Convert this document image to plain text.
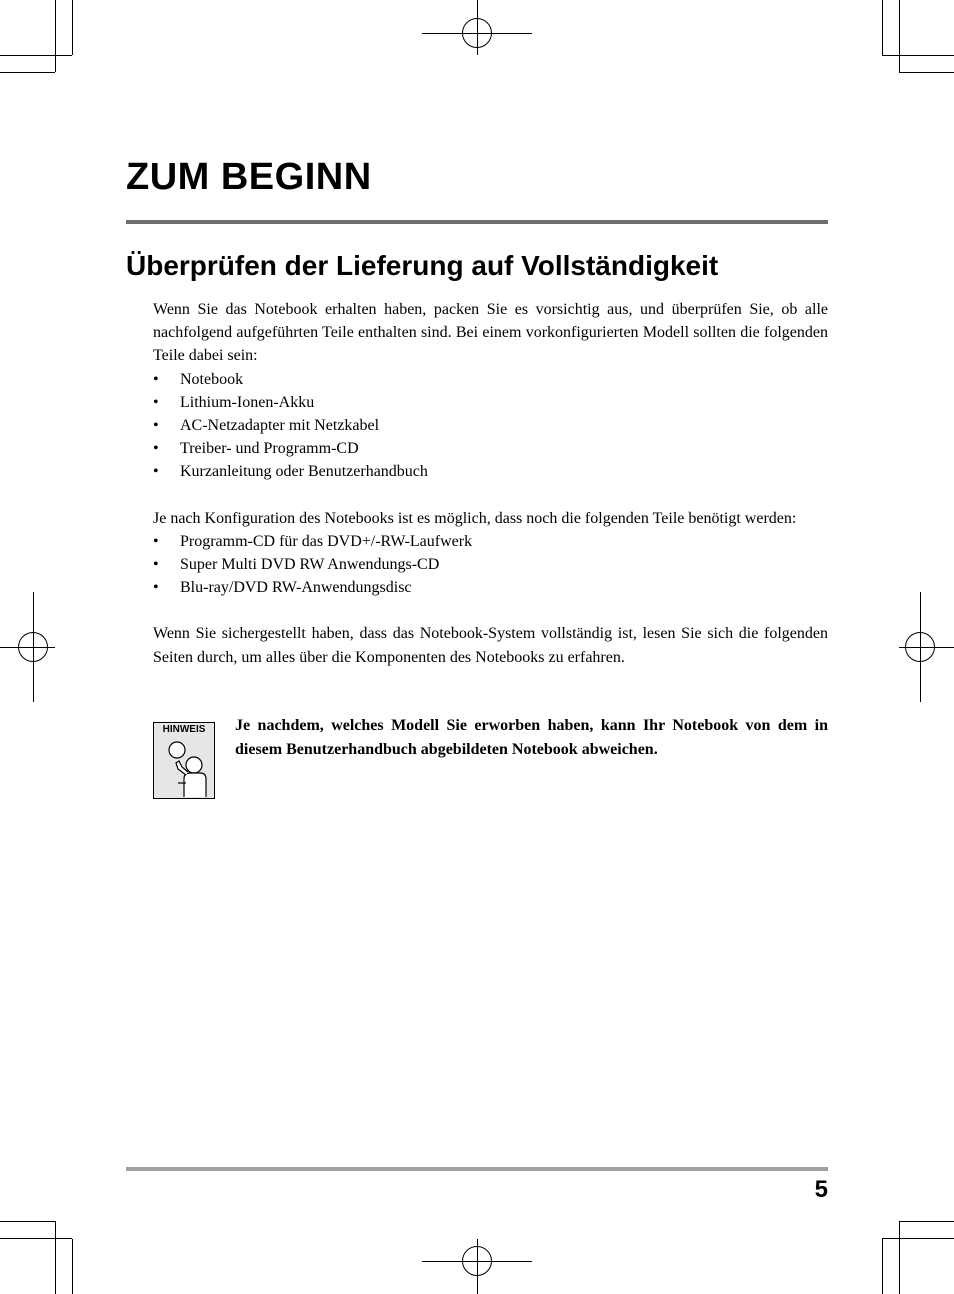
ZUM BEGINN
Überprüfen der Lieferung auf Vollständigkeit

Wenn Sie das Notebook erhalten haben, packen Sie es vorsichtig aus, und überprüfen Sie, ob alle nachfolgend aufgeführten Teile enthalten sind. Bei einem vorkonfigurierten Modell sollten die folgenden Teile dabei sein:

• Notebook
• Lithium-Ionen-Akku
• AC-Netzadapter mit Netzkabel
• Treiber- und Programm-CD
• Kurzanleitung oder Benutzerhandbuch

Je nach Konfiguration des Notebooks ist es möglich, dass noch die folgenden Teile benötigt werden:

• Programm-CD für das DVD+/-RW-Laufwerk
• Super Multi DVD RW Anwendungs-CD
• Blu-ray/DVD RW-Anwendungsdisc

Wenn Sie sichergestellt haben, dass das Notebook-System vollständig ist, lesen Sie sich die folgenden Seiten durch, um alles über die Komponenten des Notebooks zu erfahren.

HINWEIS	Je nachdem, welches Modell Sie erworben haben, kann Ihr Notebook von dem in diesem Benutzerhandbuch abgebildeten Notebook abweichen.
5
